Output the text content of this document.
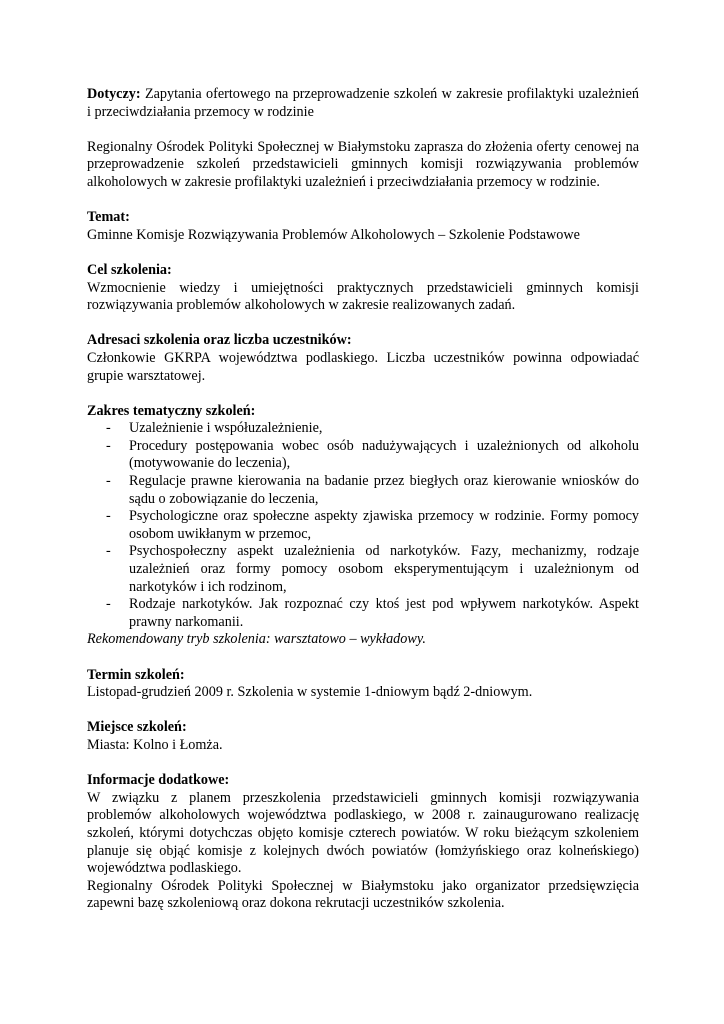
Dotyczy: Zapytania ofertowego na przeprowadzenie szkoleń w zakresie profilaktyki uzależnień i przeciwdziałania przemocy w rodzinie

Regionalny Ośrodek Polityki Społecznej w Białymstoku zaprasza do złożenia oferty cenowej na przeprowadzenie szkoleń przedstawicieli gminnych komisji rozwiązywania problemów alkoholowych w zakresie profilaktyki uzależnień i przeciwdziałania przemocy w rodzinie.

Temat:

Gminne Komisje Rozwiązywania Problemów Alkoholowych – Szkolenie Podstawowe

Cel szkolenia:

Wzmocnienie wiedzy i umiejętności praktycznych przedstawicieli gminnych komisji rozwiązywania problemów alkoholowych w zakresie realizowanych zadań.

Adresaci szkolenia oraz liczba uczestników:

Członkowie GKRPA województwa podlaskiego. Liczba uczestników powinna odpowiadać grupie warsztatowej.

Zakres tematyczny szkoleń:

- Uzależnienie i współuzależnienie,
- Procedury postępowania wobec osób nadużywających i uzależnionych od alkoholu (motywowanie do leczenia),
- Regulacje prawne kierowania na badanie przez biegłych oraz kierowanie wniosków do sądu o zobowiązanie do leczenia,
- Psychologiczne oraz społeczne aspekty zjawiska przemocy w rodzinie. Formy pomocy osobom uwikłanym w przemoc,
- Psychospołeczny aspekt uzależnienia od narkotyków. Fazy, mechanizmy, rodzaje uzależnień oraz formy pomocy osobom eksperymentującym i uzależnionym od narkotyków i ich rodzinom,
- Rodzaje narkotyków. Jak rozpoznać czy ktoś jest pod wpływem narkotyków. Aspekt prawny narkomanii.

Rekomendowany tryb szkolenia: warsztatowo – wykładowy.

Termin szkoleń:

Listopad-grudzień 2009 r. Szkolenia w systemie 1-dniowym bądź 2-dniowym.

Miejsce szkoleń:

Miasta: Kolno i Łomża.

Informacje dodatkowe:

W związku z planem przeszkolenia przedstawicieli gminnych komisji rozwiązywania problemów alkoholowych województwa podlaskiego, w 2008 r. zainaugurowano realizację szkoleń, którymi dotychczas objęto komisje czterech powiatów. W roku bieżącym szkoleniem planuje się objąć komisje z kolejnych dwóch powiatów (łomżyńskiego oraz kolneńskiego) województwa podlaskiego.

Regionalny Ośrodek Polityki Społecznej w Białymstoku jako organizator przedsięwzięcia zapewni bazę szkoleniową oraz dokona rekrutacji uczestników szkolenia.
